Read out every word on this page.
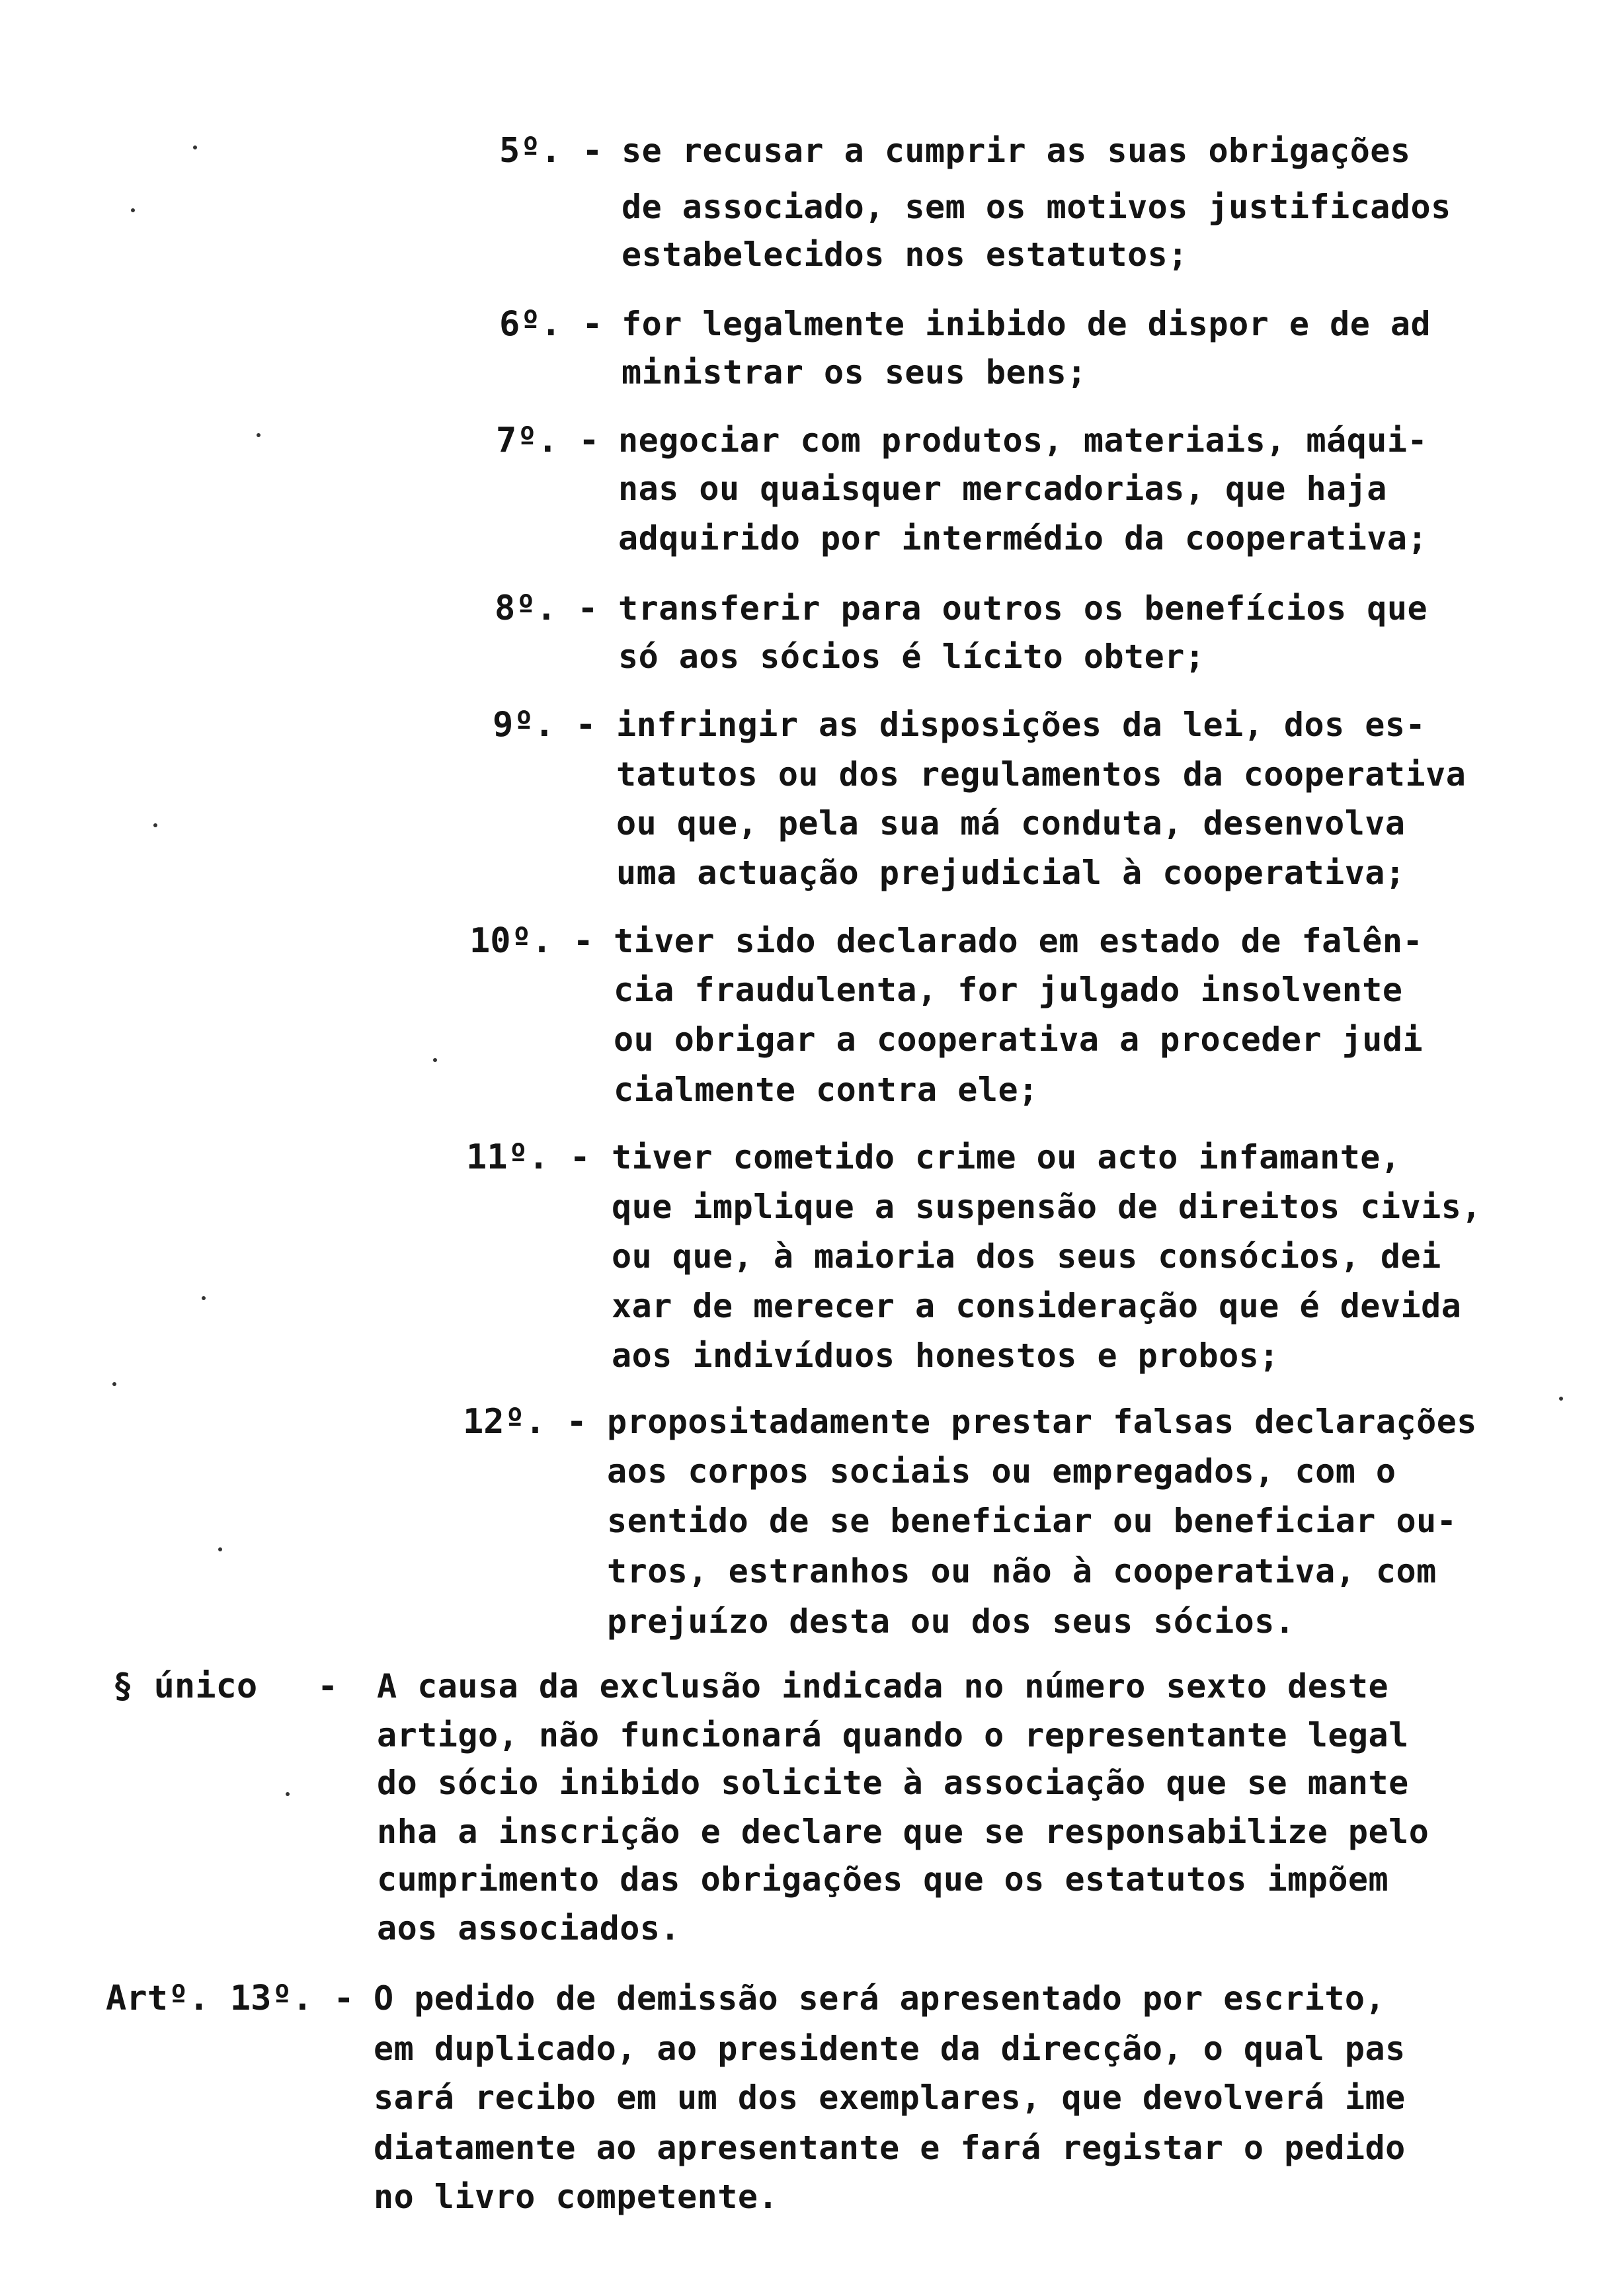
5º. - se recusar a cumprir as suas obrigações
de associado, sem os motivos justificados
estabelecidos nos estatutos;
6º. - for legalmente inibido de dispor e de ad
ministrar os seus bens;
7º. - negociar com produtos, materiais, máqui-
nas ou quaisquer mercadorias, que haja
adquirido por intermédio da cooperativa;
8º. - transferir para outros os benefícios que
só aos sócios é lícito obter;
9º. - infringir as disposições da lei, dos es-
tatutos ou dos regulamentos da cooperativa
ou que, pela sua má conduta, desenvolva
uma actuação prejudicial à cooperativa;
10º. - tiver sido declarado em estado de falên-
cia fraudulenta, for julgado insolvente
ou obrigar a cooperativa a proceder judi
cialmente contra ele;
11º. - tiver cometido crime ou acto infamante,
que implique a suspensão de direitos civis,
ou que, à maioria dos seus consócios, dei
xar de merecer a consideração que é devida
aos indivíduos honestos e probos;
12º. - propositadamente prestar falsas declarações
aos corpos sociais ou empregados, com o
sentido de se beneficiar ou beneficiar ou-
tros, estranhos ou não à cooperativa, com
prejuízo desta ou dos seus sócios.
§ único - A causa da exclusão indicada no número sexto deste
artigo, não funcionará quando o representante legal
do sócio inibido solicite à associação que se mante
nha a inscrição e declare que se responsabilize pelo
cumprimento das obrigações que os estatutos impõem
aos associados.
Artº. 13º. - O pedido de demissão será apresentado por escrito,
em duplicado, ao presidente da direcção, o qual pas
sará recibo em um dos exemplares, que devolverá ime
diatamente ao apresentante e fará registar o pedido
no livro competente.
